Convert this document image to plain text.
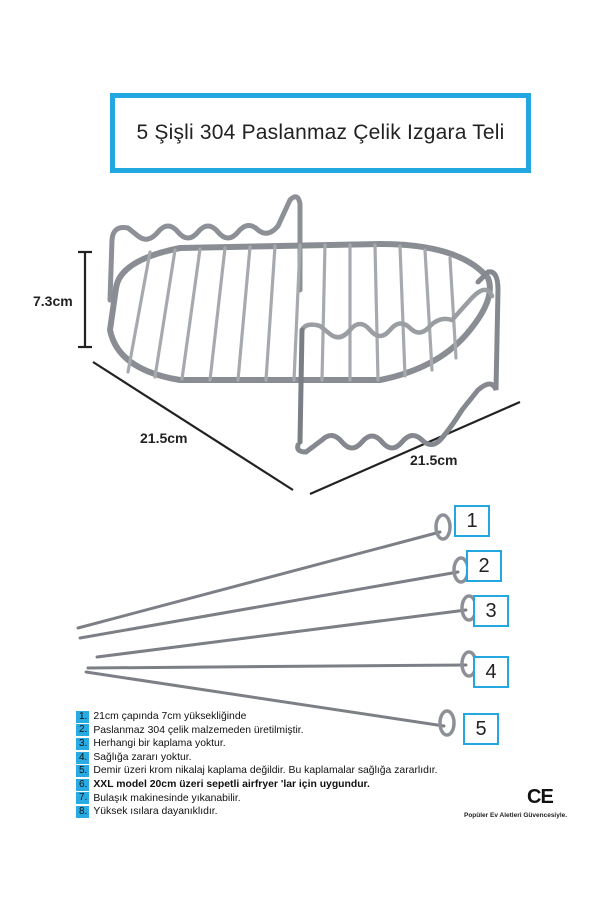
5 Şişli 304 Paslanmaz Çelik Izgara Teli
7.3cm
21.5cm
21.5cm
1
2
3
4
5
1. 21cm çapında 7cm yüksekliğinde
2. Paslanmaz 304 çelik malzemeden üretilmiştir.
3. Herhangi bir kaplama yoktur.
4. Sağlığa zararı yoktur.
5. Demir üzeri krom nikalaj kaplama değildir. Bu kaplamalar sağlığa zararlıdır.
6. XXL model 20cm üzeri sepetli airfryer 'lar için uygundur.
7. Bulaşık makinesinde yıkanabilir.
8. Yüksek ısılara dayanıklıdır.
CE
Popüler Ev Aletleri Güvencesiyle.
